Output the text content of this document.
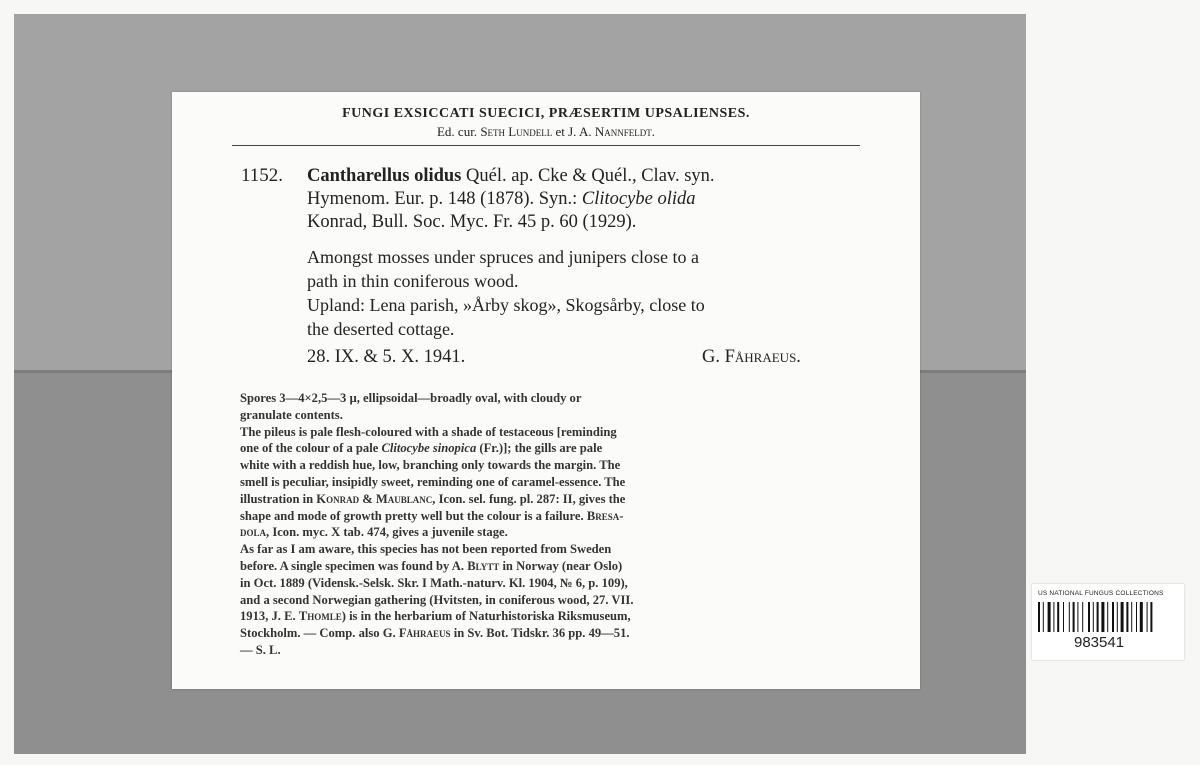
FUNGI EXSICCATI SUECICI, PRÆSERTIM UPSALIENSES.
Ed. cur. Seth Lundell et J. A. Nannfeldt.
1152. Cantharellus olidus Quél. ap. Cke & Quél., Clav. syn.
Hymenom. Eur. p. 148 (1878). Syn.: Clitocybe olida
Konrad, Bull. Soc. Myc. Fr. 45 p. 60 (1929).
Amongst mosses under spruces and junipers close to a
path in thin coniferous wood.
Upland: Lena parish, »Årby skog», Skogsårby, close to
the deserted cottage.
28. IX. & 5. X. 1941.	G. Fåhraeus.
Spores 3—4×2,5—3 µ, ellipsoidal—broadly oval, with cloudy or
granulate contents.
The pileus is pale flesh-coloured with a shade of testaceous [reminding
one of the colour of a pale Clitocybe sinopica (Fr.)]; the gills are pale
white with a reddish hue, low, branching only towards the margin. The
smell is peculiar, insipidly sweet, reminding one of caramel-essence. The
illustration in Konrad & Maublanc, Icon. sel. fung. pl. 287: II, gives the
shape and mode of growth pretty well but the colour is a failure. Bresa-
dola, Icon. myc. X tab. 474, gives a juvenile stage.
As far as I am aware, this species has not been reported from Sweden
before. A single specimen was found by A. Blytt in Norway (near Oslo)
in Oct. 1889 (Vidensk.-Selsk. Skr. I Math.-naturv. Kl. 1904, № 6, p. 109),
and a second Norwegian gathering (Hvitsten, in coniferous wood, 27. VII.
1913, J. E. Thomle) is in the herbarium of Naturhistoriska Riksmuseum,
Stockholm. — Comp. also G. Fåhraeus in Sv. Bot. Tidskr. 36 pp. 49—51.
— S. L.
US NATIONAL FUNGUS COLLECTIONS
983541
